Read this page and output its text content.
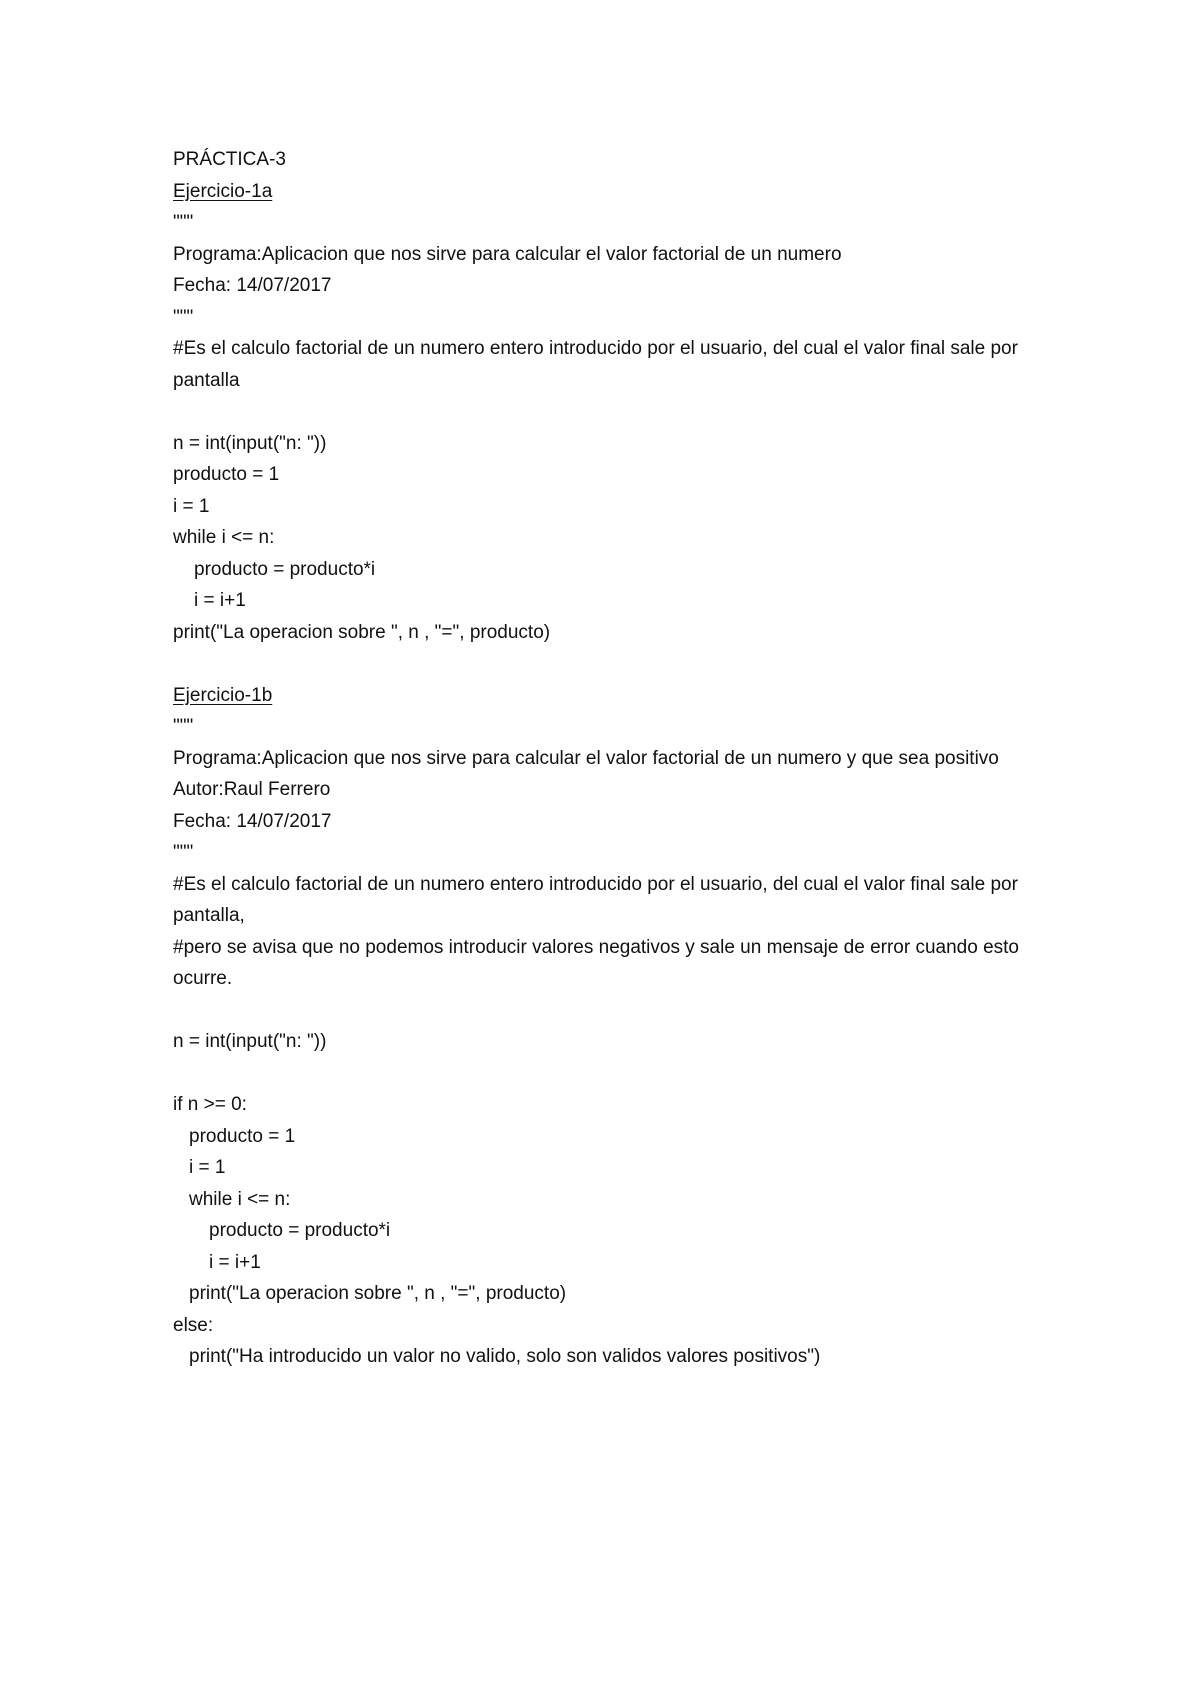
PRÁCTICA-3
Ejercicio-1a
"""
Programa:Aplicacion que nos sirve para calcular el valor factorial de un numero
Fecha: 14/07/2017
"""
#Es el calculo factorial de un numero entero introducido por el usuario, del cual el valor final sale por pantalla
n = int(input("n: "))
producto = 1
i = 1
while i <= n:
producto = producto*i
i = i+1
print("La operacion sobre ", n , "=", producto)
Ejercicio-1b
"""
Programa:Aplicacion que nos sirve para calcular el valor factorial de un numero y que sea positivo
Autor:Raul Ferrero
Fecha: 14/07/2017
"""
#Es el calculo factorial de un numero entero introducido por el usuario, del cual el valor final sale por pantalla,
#pero se avisa que no podemos introducir valores negativos y sale un mensaje de error cuando esto ocurre.
n = int(input("n: "))
if n >= 0:
producto = 1
i = 1
while i <= n:
producto = producto*i
i = i+1
print("La operacion sobre ", n , "=", producto)
else:
print("Ha introducido un valor no valido, solo son validos valores positivos")
